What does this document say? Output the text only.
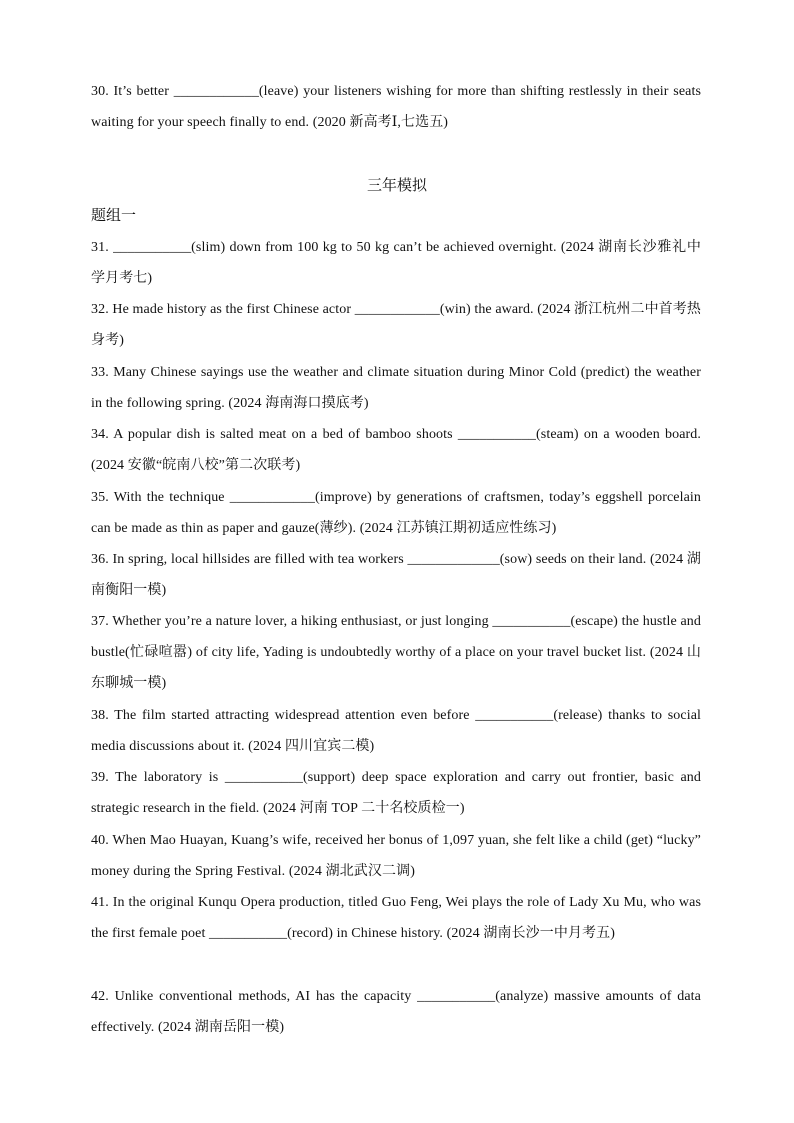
30. It’s better ____________(leave) your listeners wishing for more than shifting restlessly in their seats waiting for your speech finally to end. (2020 新高考Ⅰ,七选五)
三年模拟
题组一
31. ___________(slim) down from 100 kg to 50 kg can’t be achieved overnight. (2024 湖南长沙雅礼中学月考七)
32. He made history as the first Chinese actor ____________(win) the award. (2024 浙江杭州二中首考热身考)
33. Many Chinese sayings use the weather and climate situation during Minor Cold (predict) the weather in the following spring. (2024 海南海口摸底考)
34. A popular dish is salted meat on a bed of bamboo shoots ___________(steam) on a wooden board. (2024 安徽“皖南八校”第二次联考)
35. With the technique ____________(improve) by generations of craftsmen, today’s eggshell porcelain can be made as thin as paper and gauze(薄纱). (2024 江苏镇江期初适应性练习)
36. In spring, local hillsides are filled with tea workers _____________(sow) seeds on their land. (2024 湖南衡阳一模)
37. Whether you’re a nature lover, a hiking enthusiast, or just longing ___________(escape) the hustle and bustle(忙碌喧嚣) of city life, Yading is undoubtedly worthy of a place on your travel bucket list. (2024 山东聊城一模)
38. The film started attracting widespread attention even before ___________(release) thanks to social media discussions about it. (2024 四川宜宾二模)
39. The laboratory is ___________(support) deep space exploration and carry out frontier, basic and strategic research in the field. (2024 河南 TOP 二十名校质检一)
40. When Mao Huayan, Kuang’s wife, received her bonus of 1,097 yuan, she felt like a child (get) “lucky” money during the Spring Festival. (2024 湖北武汉二调)
41. In the original Kunqu Opera production, titled Guo Feng, Wei plays the role of Lady Xu Mu, who was the first female poet ___________(record) in Chinese history. (2024 湖南长沙一中月考五)
42. Unlike conventional methods, AI has the capacity ___________(analyze) massive amounts of data effectively. (2024 湖南岳阳一模)
